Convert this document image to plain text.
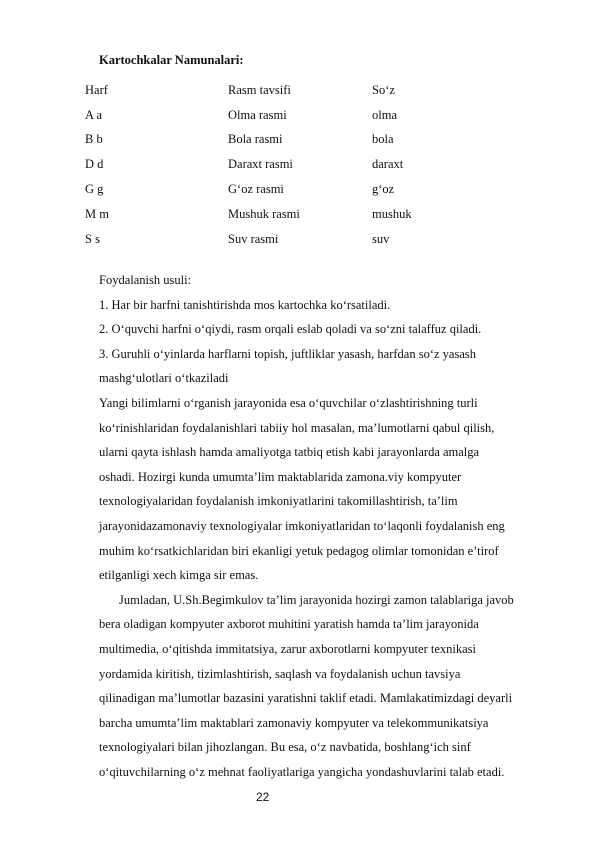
Kartochkalar Namunalari:
Harf	Rasm tavsifi	So‘z
A a	Olma rasmi	olma
B b	Bola rasmi	bola
D d	Daraxt rasmi	daraxt
G g	G‘oz rasmi	g‘oz
M m	Mushuk rasmi	mushuk
S s	Suv rasmi	suv
Foydalanish usuli:
1. Har bir harfni tanishtirishda mos kartochka ko‘rsatiladi.
2. O‘quvchi harfni o‘qiydi, rasm orqali eslab qoladi va so‘zni talaffuz qiladi.
3. Guruhli o‘yinlarda harflarni topish, juftliklar yasash, harfdan so‘z yasash
mashg‘ulotlari o‘tkaziladi
Yangi bilimlarni o‘rganish jarayonida esa o‘quvchilar o‘zlashtirishning turli
ko‘rinishlaridan foydalanishlari tabiiy hol masalan, ma’lumotlarni qabul qilish,
ularni qayta ishlash hamda amaliyotga tatbiq etish kabi jarayonlarda amalga
oshadi. Hozirgi kunda umumta’lim maktablarida zamona.viy kompyuter
texnologiyalaridan foydalanish imkoniyatlarini takomillashtirish, ta’lim
jarayonidazamonaviy texnologiyalar imkoniyatlaridan to‘laqonli foydalanish eng
muhim ko‘rsatkichlaridan biri ekanligi yetuk pedagog olimlar tomonidan e’tirof
etilganligi xech kimga sir emas.
Jumladan, U.Sh.Begimkulov ta’lim jarayonida hozirgi zamon talablariga javob
bera oladigan kompyuter axborot muhitini yaratish hamda ta’lim jarayonida
multimedia, o‘qitishda immitatsiya, zarur axborotlarni kompyuter texnikasi
yordamida kiritish, tizimlashtirish, saqlash va foydalanish uchun tavsiya
qilinadigan ma’lumotlar bazasini yaratishni taklif etadi. Mamlakatimizdagi deyarli
barcha umumta’lim maktablari zamonaviy kompyuter va telekommunikatsiya
texnologiyalari bilan jihozlangan. Bu esa, o‘z navbatida, boshlang‘ich sinf
o‘qituvchilarning o‘z mehnat faoliyatlariga yangicha yondashuvlarini talab etadi.
22
